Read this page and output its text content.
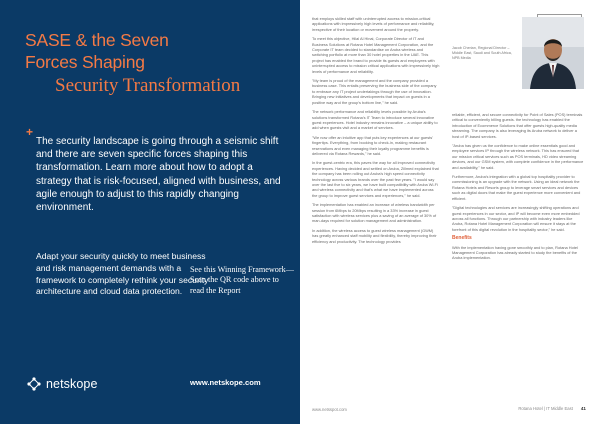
SASE & the Seven
Forces Shaping
Security Transformation
+
The security landscape is going through a seismic shift and there are seven specific forces shaping this transformation. Learn more about how to adopt a strategy that is risk-focused, aligned with business, and agile enough to adjust to this rapidly changing environment.
Adapt your security quickly to meet business and risk management demands with a framework to completely rethink your security architecture and cloud data protection.
See this Winning Framework—Scan the QR code above to read the Report
netskope	www.netskope.com

that employs skilled staff with uninterrupted access to mission-critical applications with impressively high levels of performance and reliability, irrespective of their location or movement around the property.

To meet this objective, Hilal Al Hinai, Corporate Director of IT and Business Solutions at Rotana Hotel Management Corporation, and the Corporate IT team decided to standardise on Aruba wireless and switching portfolio at more than 30 hotel properties in the UAE. This project has enabled the brand to provide its guests and employees with uninterrupted access to mission critical applications with impressively high levels of performance and reliability.

"My team is proud of the management and the company provided a business case. This entails preserving the business side of the company to embrace any IT project undertakings through the use of innovation. Bringing new initiatives and developments that impact on guests in a positive way and the group's bottom line," he said.

The network performance and reliability levels possible by Aruba's solutions transformed Rotana's IT Team to introduce several innovative guest experiences. Hotel industry remains innovative – a unique ability to add when guests visit and a market of services.

"We now offer an intuitive app that puts key experiences at our guests' fingertips. Everything, from booking to check-in, making restaurant reservations and even managing their loyalty programme benefits is delivered via Rotana Rewards," he said.

In the guest-centric era, this paves the way for all improved connectivity experiences. Having decided and settled on Aruba, Zillmed explained that the company has been rolling out Aruba's high speed connectivity technology across various brands over the past few years. "I would say over the last five to six years, we have built compatibility with Aruba Wi-Fi and wireless connectivity and that's what we have implemented across the group to improve guest services and experiences," he said.

The implementation has enabled an increase of wireless bandwidth per session from 6Mbps to 20Mbps resulting in a 33% increase in guest satisfaction with wireless services plus a saving of an average of 30% of man-days required for solution management and administration.

In addition, the wireless access to guest wireless management (GWM) has greatly enhanced staff mobility and flexibility, thereby improving their efficiency and productivity. The technology provides

Jacob Cherian, Regional Director – Middle East, Saudi and South Africa, NPB Media

reliable, efficient, and secure connectivity for Point of Sales (POS) terminals critical to conveniently billing guests. the technology has enabled the introduction of Ecommerce Solutions that offer guests high-quality media streaming. The company is also leveraging its Aruba network to deliver a host of IP-based services.

"Aruba has given us the confidence to make online essentials good and employee services IP through the wireless network. This has ensured that our mission critical services such as POS terminals, HD video streaming devices, and our GSM system, with complete confidence in the performance and availability," he said.

Furthermore, Aruba's integration with a global top hospitality provider to commissioning is an upgrade with the network. Using an ideal network the Rotana Hotels and Resorts group to leverage smart services and devices such as digital doors that make the guest experience more convenient and efficient.

"Digital technologies and services are increasingly shifting operations and guest experiences in our sector, and IP will become even more embedded across all functions. Through our partnership with industry leaders like Aruba, Rotana Hotel Management Corporation will ensure it stays at the forefront of this digital revolution in the hospitality sector," he said.

Benefits

With the implementation having gone smoothly and to plan, Rotana Hotel Management Corporation has already started to study the benefits of the Aruba implementation.

www.netsspot.com	Rotana Hotel | IT Middle East 41
